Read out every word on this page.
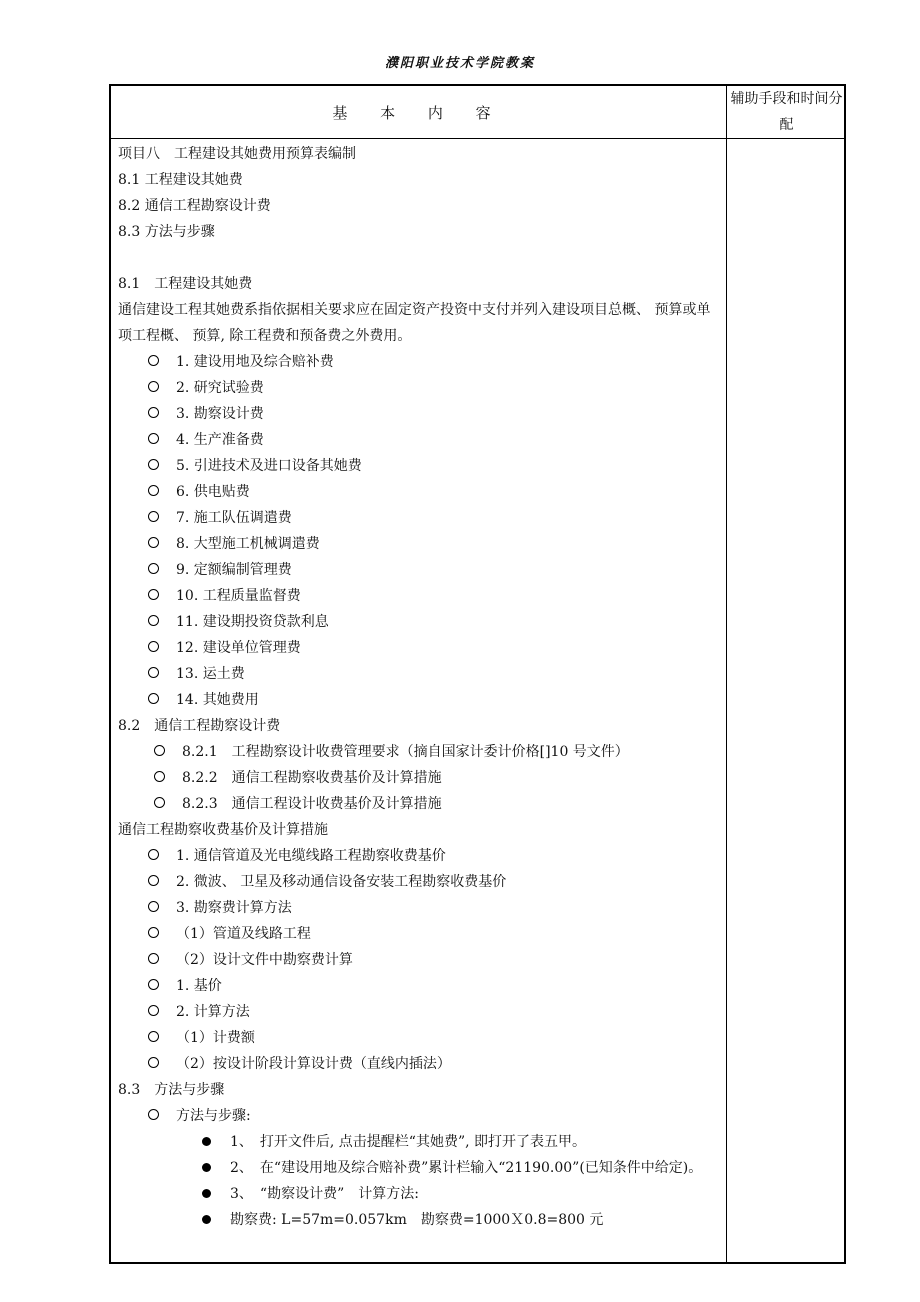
濮阳职业技术学院教案
基 本 内 容
辅助手段和时间分配
项目八　工程建设其她费用预算表编制
8.1 工程建设其她费
8.2 通信工程勘察设计费
8.3 方法与步骤
8.1　工程建设其她费
通信建设工程其她费系指依据相关要求应在固定资产投资中支付并列入建设项目总概、 预算或单项工程概、 预算, 除工程费和预备费之外费用。
1. 建设用地及综合赔补费
2. 研究试验费
3. 勘察设计费
4. 生产准备费
5. 引进技术及进口设备其她费
6. 供电贴费
7. 施工队伍调遣费
8. 大型施工机械调遣费
9. 定额编制管理费
10. 工程质量监督费
11. 建设期投资贷款利息
12. 建设单位管理费
13. 运土费
14. 其她费用
8.2　通信工程勘察设计费
8.2.1　工程勘察设计收费管理要求（摘自国家计委计价格[]10 号文件）
8.2.2　通信工程勘察收费基价及计算措施
8.2.3　通信工程设计收费基价及计算措施
通信工程勘察收费基价及计算措施
1. 通信管道及光电缆线路工程勘察收费基价
2. 微波、 卫星及移动通信设备安装工程勘察收费基价
3. 勘察费计算方法
（1）管道及线路工程
（2）设计文件中勘察费计算
1. 基价
2. 计算方法
（1）计费额
（2）按设计阶段计算设计费（直线内插法）
8.3　方法与步骤
方法与步骤:
1、　打开文件后, 点击提醒栏“其她费”, 即打开了表五甲。
2、　在“建设用地及综合赔补费”累计栏输入“21190.00”(已知条件中给定)。
3、　“勘察设计费”　计算方法:
勘察费: L=57m=0.057km　勘察费=1000Ｘ0.8=800 元
